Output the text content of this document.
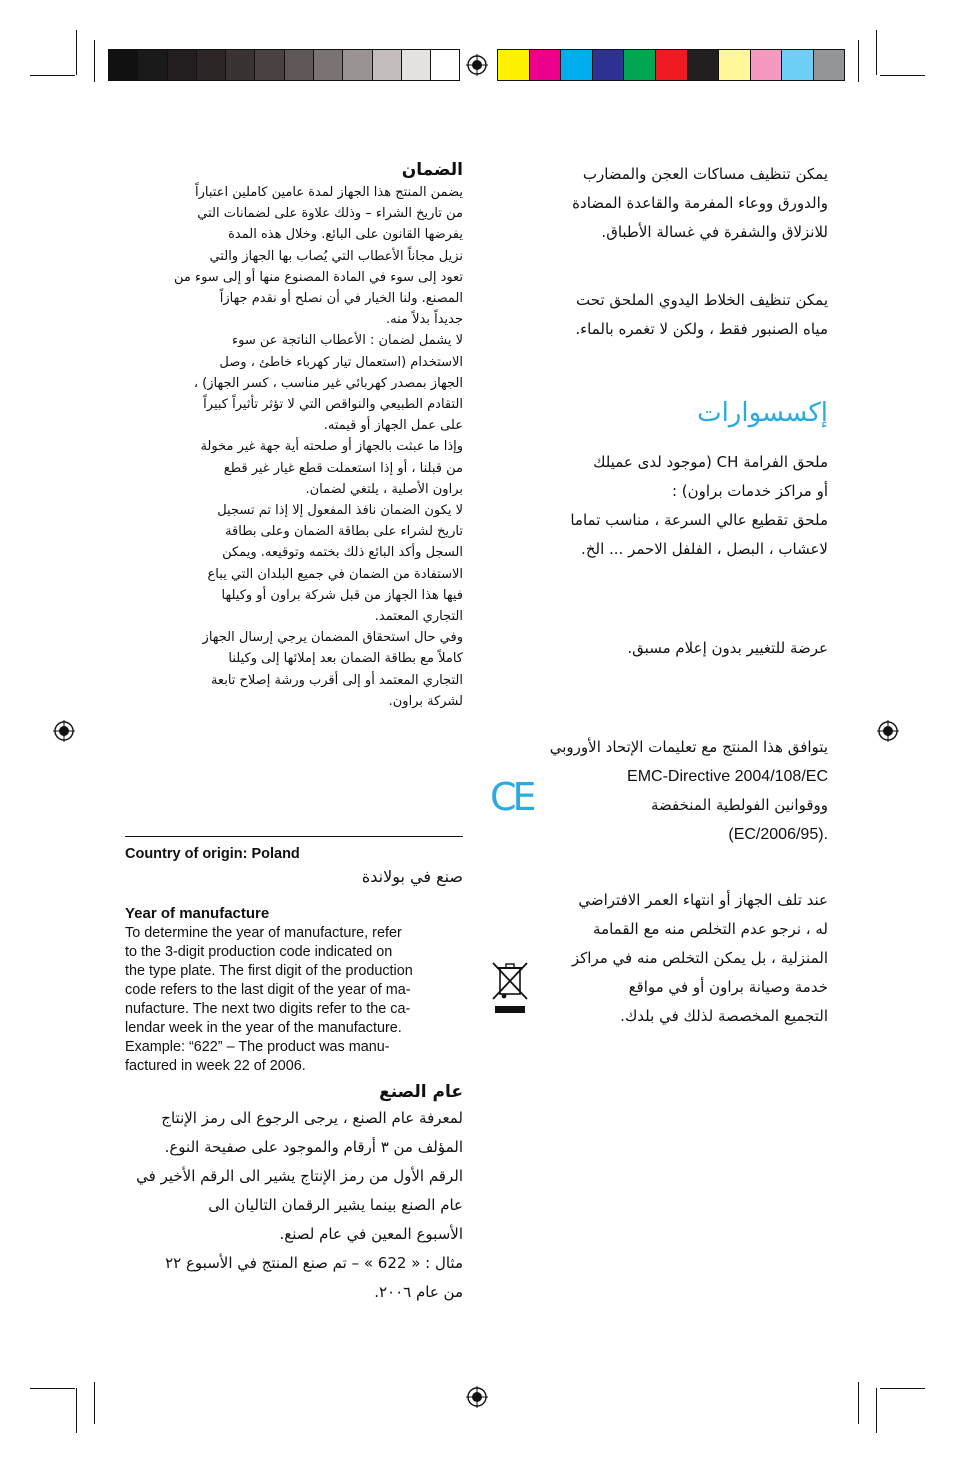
يمكن تنظيف مساكات العجن والمضارب

والدورق ووعاء المفرمة والقاعدة المضادة

للانزلاق والشفرة في غسالة الأطباق.

يمكن تنظيف الخلاط اليدوي الملحق تحت

مياه الصنبور فقط ، ولكن لا تغمره بالماء.

إكسسوارات

ملحق الفرامة CH (موجود لدى عميلك

أو مراكز خدمات براون) :

ملحق تقطيع عالي السرعة ، مناسب تماما

لاعشاب ، البصل ، الفلفل الاحمر ... الخ.

عرضة للتغيير بدون إعلام مسبق.

يتوافق هذا المنتج مع تعليمات الإتحاد الأوروبي

EMC-Directive 2004/108/EC

ووقوانين الفولطية المنخفضة

.(2006/95/EC)

CE

عند تلف الجهاز أو انتهاء العمر الافتراضي

له ، نرجو عدم التخلص منه مع القمامة

المنزلية ، بل يمكن التخلص منه في مراكز

خدمة وصيانة براون أو في مواقع

التجميع المخصصة لذلك في بلدك.

الضمان

يضمن المنتج هذا الجهاز لمدة عامين كاملين اعتباراً

من تاريخ الشراء – وذلك علاوة على لضمانات التي

يفرضها القانون على البائع. وخلال هذه المدة

نزيل مجاناً الأعطاب التي يُصاب بها الجهاز والتي

تعود إلى سوء في المادة المصنوع منها أو إلى سوء من

المصنع. ولنا الخيار في أن نصلح أو نقدم جهازاً

جديداً بدلاً منه.

لا يشمل لضمان : الأعطاب الناتجة عن سوء

الاستخدام (استعمال تيار كهرباء خاطئ ، وصل

الجهاز بمصدر كهربائي غير مناسب ، كسر الجهاز) ،

التقادم الطبيعي والنواقص التي لا تؤثر تأثيراً كبيراً

على عمل الجهاز أو قيمته.

وإذا ما عبثت بالجهاز أو صلحته أية جهة غير مخولة

من قبلنا ، أو إذا استعملت قطع غيار غير قطع

براون الأصلية ، يلتغي لضمان.

لا يكون الضمان نافذ المفعول إلا إذا تم تسجيل

تاريخ لشراء على بطاقة الضمان وعلى بطاقة

السجل وأكد البائع ذلك بختمه وتوقيعه. ويمكن

الاستفادة من الضمان في جميع البلدان التي يباع

فيها هذا الجهاز من قبل شركة براون أو وكيلها

التجاري المعتمد.

وفي حال استحقاق المضمان يرجي إرسال الجهاز

كاملاً مع بطاقة الضمان بعد إملائها إلى وكيلنا

التجاري المعتمد أو إلى أقرب ورشة إصلاح تابعة

لشركة براون.

Country of origin: Poland

صنع في بولاندة

Year of manufacture
To determine the year of manufacture, refer
to the 3-digit production code indicated on
the type plate. The first digit of the production
code refers to the last digit of the year of ma-
nufacture. The next two digits refer to the ca-
lendar week in the year of the manufacture.
Example: “622” – The product was manu-
factured in week 22 of 2006.

عام الصنع

لمعرفة عام الصنع ، يرجى الرجوع الى رمز الإنتاج

المؤلف من ٣ أرقام والموجود على صفيحة النوع.

الرقم الأول من رمز الإنتاج يشير الى الرقم الأخير في

عام الصنع بينما يشير الرقمان التاليان الى

الأسبوع المعين في عام لصنع.

مثال : « 622 » – تم صنع المنتج في الأسبوع ٢٢

من عام ٢٠٠٦.
